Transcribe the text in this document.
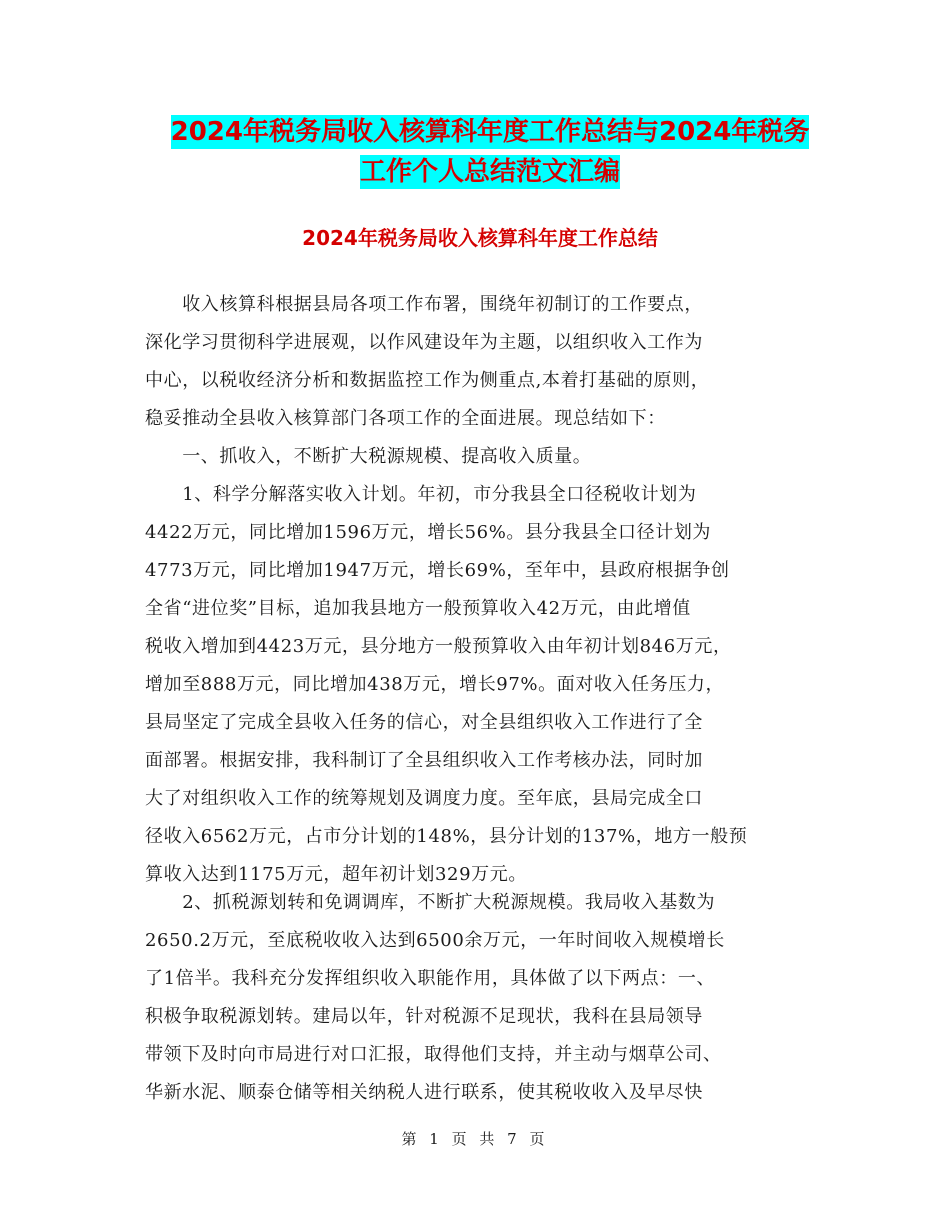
2024年税务局收入核算科年度工作总结与2024年税务
工作个人总结范文汇编
2024年税务局收入核算科年度工作总结
　　收入核算科根据县局各项工作布署，围绕年初制订的工作要点，
深化学习贯彻科学进展观，以作风建设年为主题，以组织收入工作为
中心，以税收经济分析和数据监控工作为侧重点,本着打基础的原则，
稳妥推动全县收入核算部门各项工作的全面进展。现总结如下：
　　一、抓收入，不断扩大税源规模、提高收入质量。
　　1、科学分解落实收入计划。年初，市分我县全口径税收计划为
4422万元，同比增加1596万元，增长56%。县分我县全口径计划为
4773万元，同比增加1947万元，增长69%，至年中，县政府根据争创
全省“进位奖”目标，追加我县地方一般预算收入42万元，由此增值
税收入增加到4423万元，县分地方一般预算收入由年初计划846万元，
增加至888万元，同比增加438万元，增长97%。面对收入任务压力，
县局坚定了完成全县收入任务的信心，对全县组织收入工作进行了全
面部署。根据安排，我科制订了全县组织收入工作考核办法，同时加
大了对组织收入工作的统筹规划及调度力度。至年底，县局完成全口
径收入6562万元，占市分计划的148%，县分计划的137%，地方一般预
算收入达到1175万元，超年初计划329万元。
　　2、抓税源划转和免调调库，不断扩大税源规模。我局收入基数为
2650.2万元，至底税收收入达到6500余万元，一年时间收入规模增长
了1倍半。我科充分发挥组织收入职能作用，具体做了以下两点：一、
积极争取税源划转。建局以年，针对税源不足现状，我科在县局领导
带领下及时向市局进行对口汇报，取得他们支持，并主动与烟草公司、
华新水泥、顺泰仓储等相关纳税人进行联系，使其税收收入及早尽快
第 1 页 共 7 页
